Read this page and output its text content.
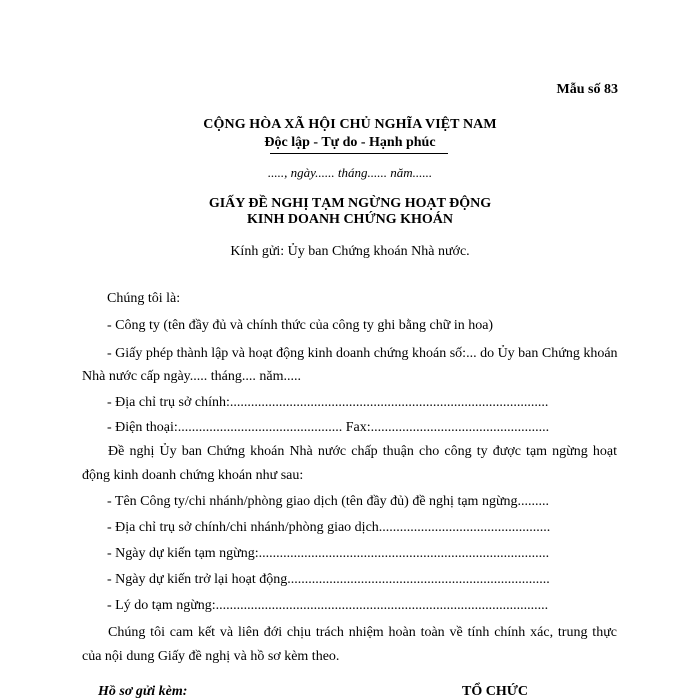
Mẫu số 83
CỘNG HÒA XÃ HỘI CHỦ NGHĨA VIỆT NAM
Độc lập - Tự do - Hạnh phúc
....., ngày...... tháng...... năm......
GIẤY ĐỀ NGHỊ TẠM NGỪNG HOẠT ĐỘNG
KINH DOANH CHỨNG KHOÁN
Kính gửi: Ủy ban Chứng khoán Nhà nước.
Chúng tôi là:
- Công ty (tên đầy đủ và chính thức của công ty ghi bằng chữ in hoa)
- Giấy phép thành lập và hoạt động kinh doanh chứng khoán số:... do Ủy ban Chứng khoán
Nhà nước cấp ngày..... tháng.... năm.....
- Địa chỉ trụ sở chính:...........................................................................................
- Điện thoại:............................................... Fax:...................................................
Đề nghị Ủy ban Chứng khoán Nhà nước chấp thuận cho công ty được tạm ngừng hoạt động kinh doanh chứng khoán như sau:
- Tên Công ty/chi nhánh/phòng giao dịch (tên đầy đủ) đề nghị tạm ngừng.........
- Địa chỉ trụ sở chính/chi nhánh/phòng giao dịch.................................................
- Ngày dự kiến tạm ngừng:...................................................................................
- Ngày dự kiến trở lại hoạt động...........................................................................
- Lý do tạm ngừng:...............................................................................................
Chúng tôi cam kết và liên đới chịu trách nhiệm hoàn toàn về tính chính xác, trung thực của nội dung Giấy đề nghị và hồ sơ kèm theo.
Hồ sơ gửi kèm:	TỔ CHỨC
